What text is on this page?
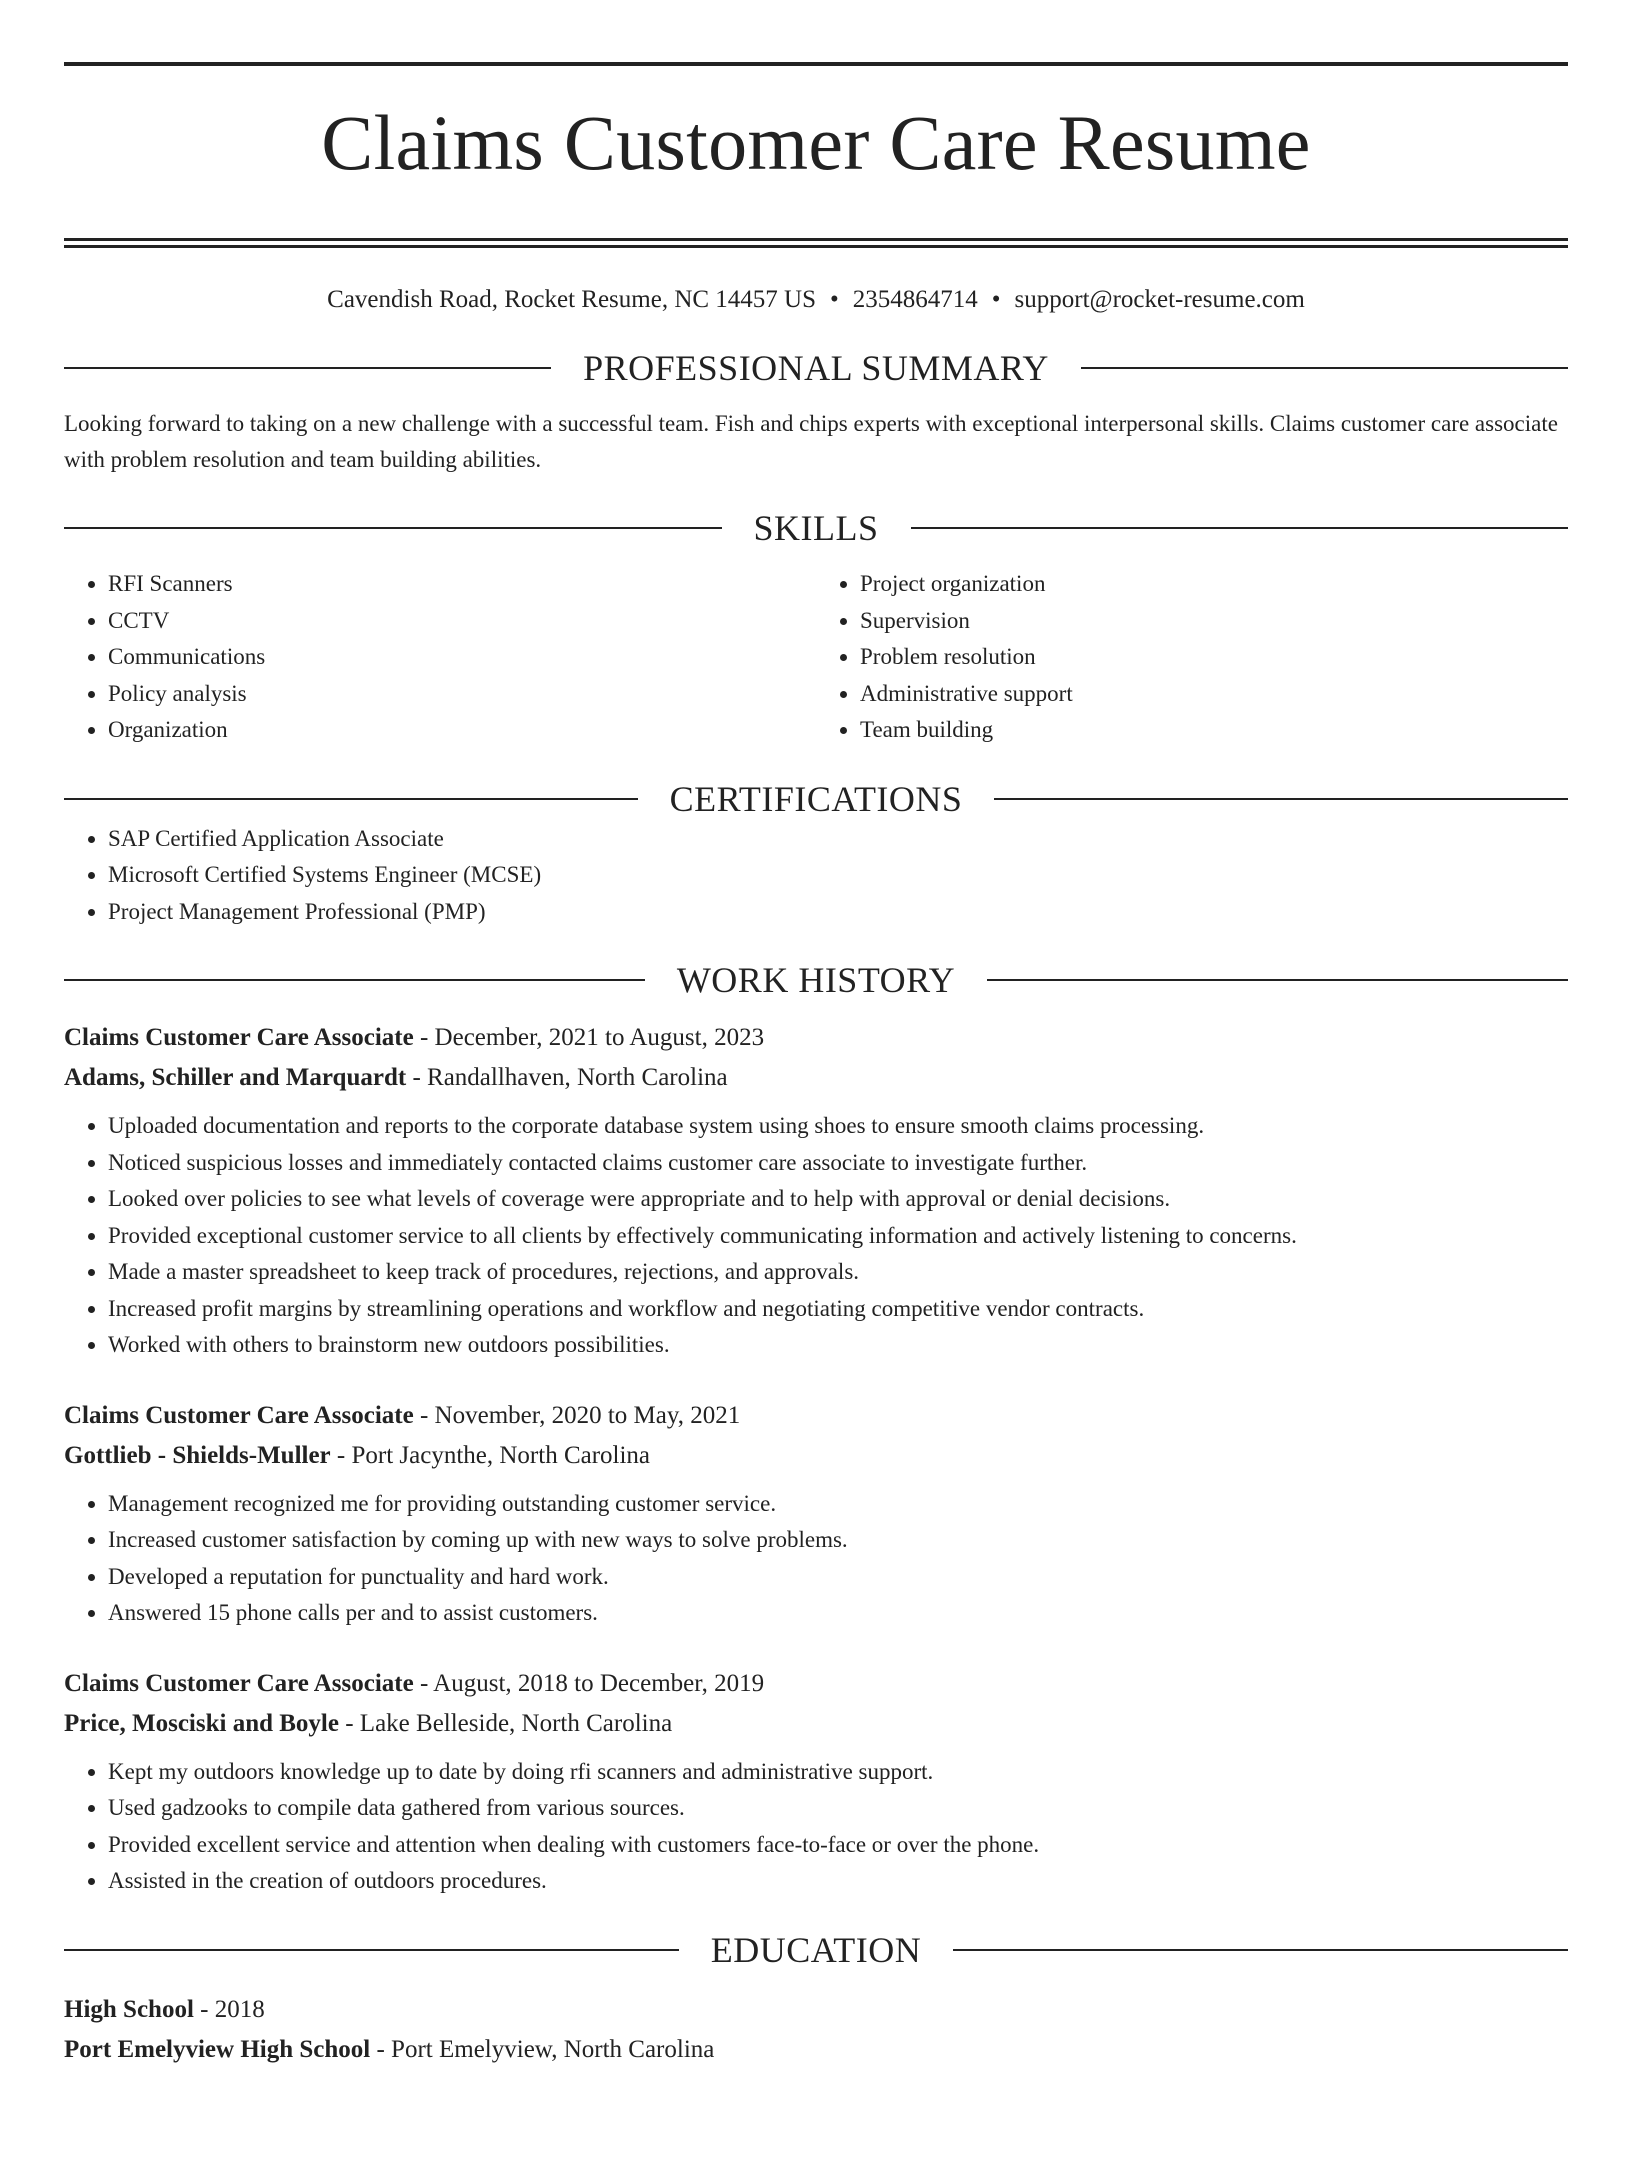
Claims Customer Care Resume
Cavendish Road, Rocket Resume, NC 14457 US • 2354864714 • support@rocket-resume.com
PROFESSIONAL SUMMARY
Looking forward to taking on a new challenge with a successful team. Fish and chips experts with exceptional interpersonal skills. Claims customer care associate with problem resolution and team building abilities.
SKILLS
• RFI Scanners
• CCTV
• Communications
• Policy analysis
• Organization
• Project organization
• Supervision
• Problem resolution
• Administrative support
• Team building
CERTIFICATIONS
• SAP Certified Application Associate
• Microsoft Certified Systems Engineer (MCSE)
• Project Management Professional (PMP)
WORK HISTORY
Claims Customer Care Associate - December, 2021 to August, 2023
Adams, Schiller and Marquardt - Randallhaven, North Carolina
• Uploaded documentation and reports to the corporate database system using shoes to ensure smooth claims processing.
• Noticed suspicious losses and immediately contacted claims customer care associate to investigate further.
• Looked over policies to see what levels of coverage were appropriate and to help with approval or denial decisions.
• Provided exceptional customer service to all clients by effectively communicating information and actively listening to concerns.
• Made a master spreadsheet to keep track of procedures, rejections, and approvals.
• Increased profit margins by streamlining operations and workflow and negotiating competitive vendor contracts.
• Worked with others to brainstorm new outdoors possibilities.
Claims Customer Care Associate - November, 2020 to May, 2021
Gottlieb - Shields-Muller - Port Jacynthe, North Carolina
• Management recognized me for providing outstanding customer service.
• Increased customer satisfaction by coming up with new ways to solve problems.
• Developed a reputation for punctuality and hard work.
• Answered 15 phone calls per and to assist customers.
Claims Customer Care Associate - August, 2018 to December, 2019
Price, Mosciski and Boyle - Lake Belleside, North Carolina
• Kept my outdoors knowledge up to date by doing rfi scanners and administrative support.
• Used gadzooks to compile data gathered from various sources.
• Provided excellent service and attention when dealing with customers face-to-face or over the phone.
• Assisted in the creation of outdoors procedures.
EDUCATION
High School - 2018
Port Emelyview High School - Port Emelyview, North Carolina
